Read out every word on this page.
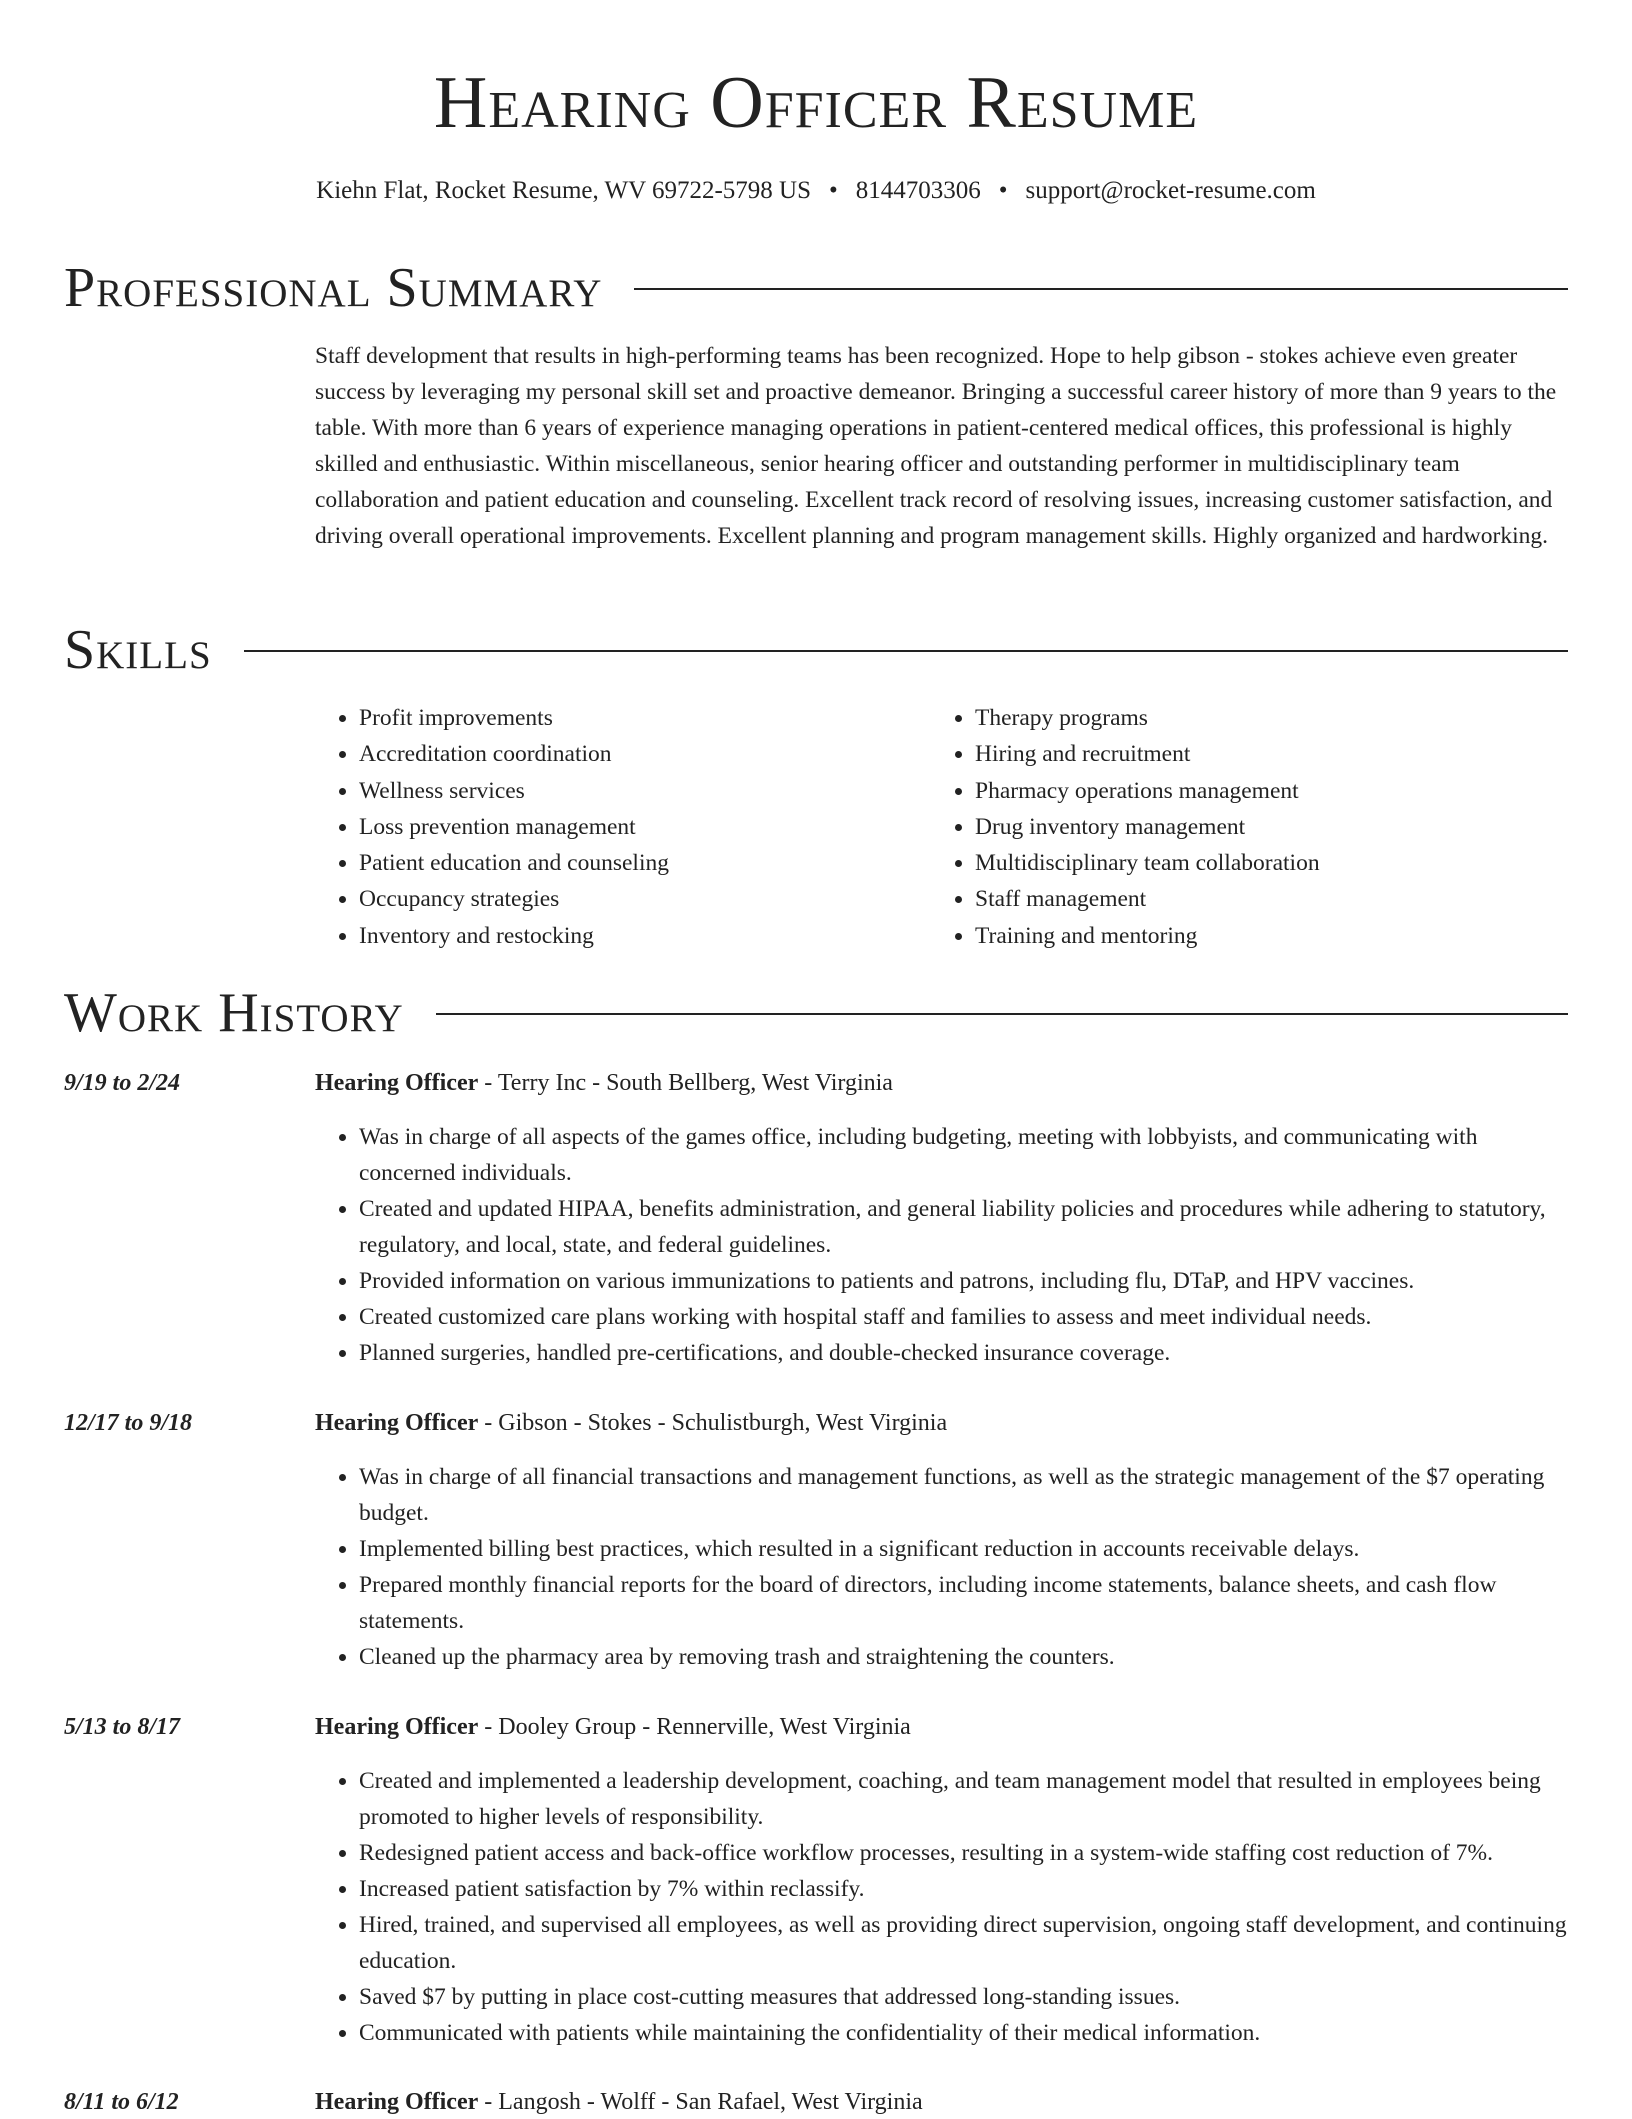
Hearing Officer Resume
Kiehn Flat, Rocket Resume, WV 69722-5798 US • 8144703306 • support@rocket-resume.com
Professional Summary

Staff development that results in high-performing teams has been recognized. Hope to help gibson - stokes achieve even greater success by leveraging my personal skill set and proactive demeanor. Bringing a successful career history of more than 9 years to the table. With more than 6 years of experience managing operations in patient-centered medical offices, this professional is highly skilled and enthusiastic. Within miscellaneous, senior hearing officer and outstanding performer in multidisciplinary team collaboration and patient education and counseling. Excellent track record of resolving issues, increasing customer satisfaction, and driving overall operational improvements. Excellent planning and program management skills. Highly organized and hardworking.

Skills
• Profit improvements
• Accreditation coordination
• Wellness services
• Loss prevention management
• Patient education and counseling
• Occupancy strategies
• Inventory and restocking
• Therapy programs
• Hiring and recruitment
• Pharmacy operations management
• Drug inventory management
• Multidisciplinary team collaboration
• Staff management
• Training and mentoring
Work History
9/19 to 2/24	Hearing Officer - Terry Inc - South Bellberg, West Virginia
• Was in charge of all aspects of the games office, including budgeting, meeting with lobbyists, and communicating with concerned individuals.
• Created and updated HIPAA, benefits administration, and general liability policies and procedures while adhering to statutory, regulatory, and local, state, and federal guidelines.
• Provided information on various immunizations to patients and patrons, including flu, DTaP, and HPV vaccines.
• Created customized care plans working with hospital staff and families to assess and meet individual needs.
• Planned surgeries, handled pre-certifications, and double-checked insurance coverage.
12/17 to 9/18	Hearing Officer - Gibson - Stokes - Schulistburgh, West Virginia
• Was in charge of all financial transactions and management functions, as well as the strategic management of the $7 operating budget.
• Implemented billing best practices, which resulted in a significant reduction in accounts receivable delays.
• Prepared monthly financial reports for the board of directors, including income statements, balance sheets, and cash flow statements.
• Cleaned up the pharmacy area by removing trash and straightening the counters.
5/13 to 8/17	Hearing Officer - Dooley Group - Rennerville, West Virginia
• Created and implemented a leadership development, coaching, and team management model that resulted in employees being promoted to higher levels of responsibility.
• Redesigned patient access and back-office workflow processes, resulting in a system-wide staffing cost reduction of 7%.
• Increased patient satisfaction by 7% within reclassify.
• Hired, trained, and supervised all employees, as well as providing direct supervision, ongoing staff development, and continuing education.
• Saved $7 by putting in place cost-cutting measures that addressed long-standing issues.
• Communicated with patients while maintaining the confidentiality of their medical information.
8/11 to 6/12	Hearing Officer - Langosh - Wolff - San Rafael, West Virginia
